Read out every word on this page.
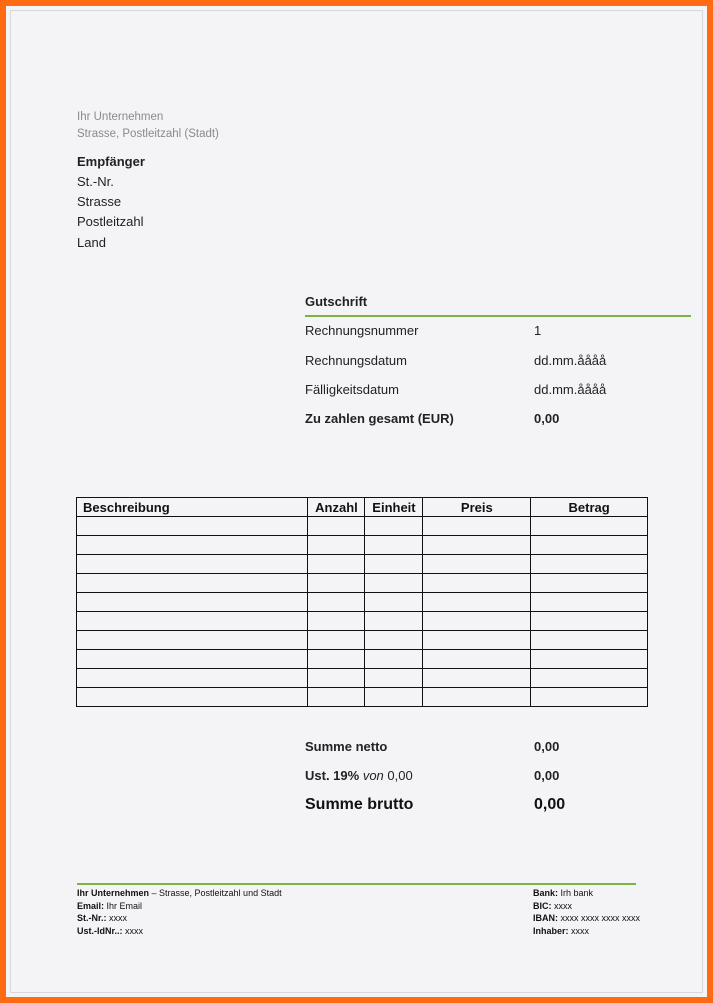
Ihr Unternehmen
Strasse, Postleitzahl (Stadt)
Empfänger
St.-Nr.
Strasse
Postleitzahl
Land
Gutschrift
Rechnungsnummer	1
Rechnungsdatum	dd.mm.åååå
Fälligkeitsdatum	dd.mm.åååå
Zu zahlen gesamt (EUR)	0,00
Beschreibung	Anzahl	Einheit	Preis	Betrag

Summe netto	0,00
Ust. 19% von 0,00	0,00
Summe brutto	0,00
Ihr Unternehmen – Strasse, Postleitzahl und Stadt
Email: Ihr Email
St.-Nr.: xxxx
Ust.-IdNr..: xxxx
Bank: Irh bank
BIC: xxxx
IBAN: xxxx xxxx xxxx xxxx
Inhaber: xxxx
